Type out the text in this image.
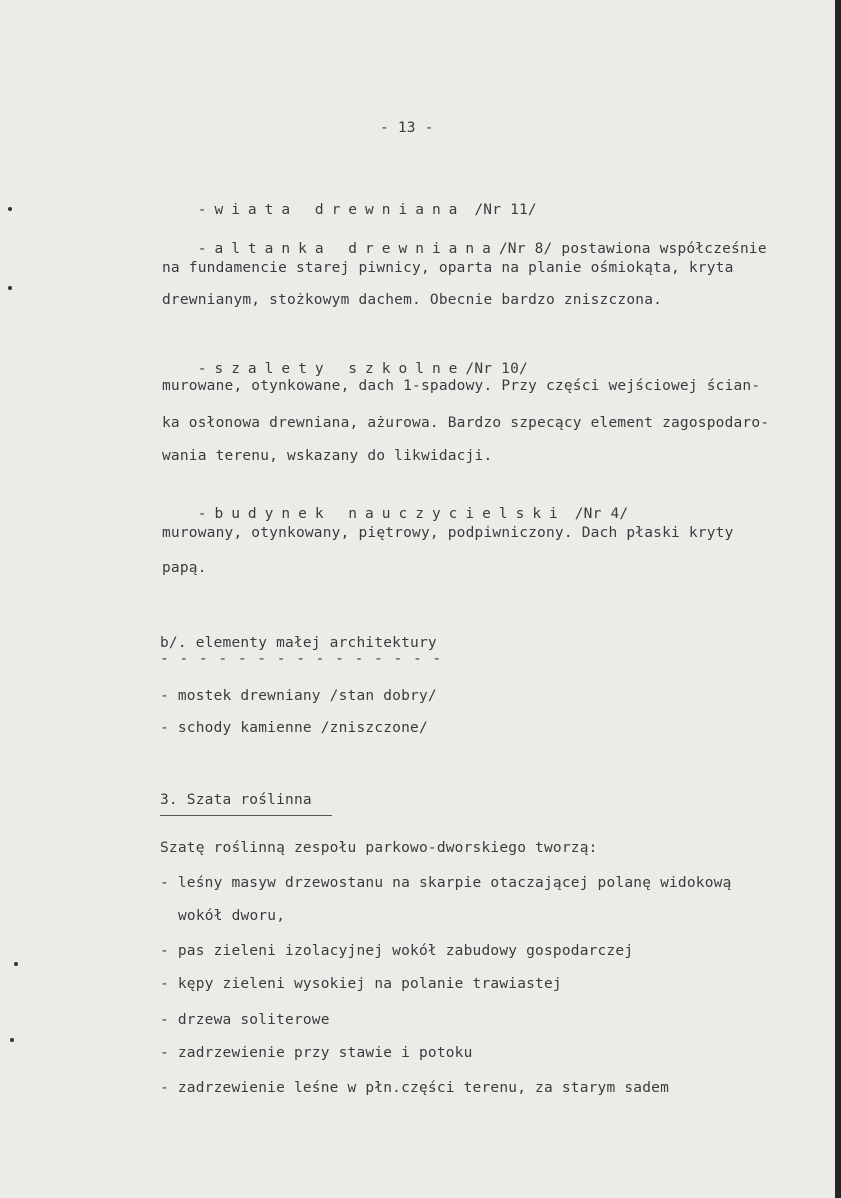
- 13 -

-wiata drewniana /Nr 11/

-altanka drewniana/Nr 8/ postawiona współcześnie

na fundamencie starej piwnicy, oparta na planie ośmiokąta, kryta
drewnianym, stożkowym dachem. Obecnie bardzo zniszczona.

-szalety szkolne/Nr 10/

murowane, otynkowane, dach 1-spadowy. Przy części wejściowej ścian-
ka osłonowa drewniana, ażurowa. Bardzo szpecący element zagospodaro-
wania terenu, wskazany do likwidacji.

-budynek nauczycielski /Nr 4/

murowany, otynkowany, piętrowy, podpiwniczony. Dach płaski kryty
papą.
b/. elementy małej architektury
- - - - - - - - - - - - - - -
- mostek drewniany /stan dobry/
- schody kamienne /zniszczone/
3. Szata roślinna
Szatę roślinną zespołu parkowo-dworskiego tworzą:
- leśny masyw drzewostanu na skarpie otaczającej polanę widokową
wokół dworu,
- pas zieleni izolacyjnej wokół zabudowy gospodarczej
- kępy zieleni wysokiej na polanie trawiastej
- drzewa soliterowe
- zadrzewienie przy stawie i potoku
- zadrzewienie leśne w płn.części terenu, za starym sadem
